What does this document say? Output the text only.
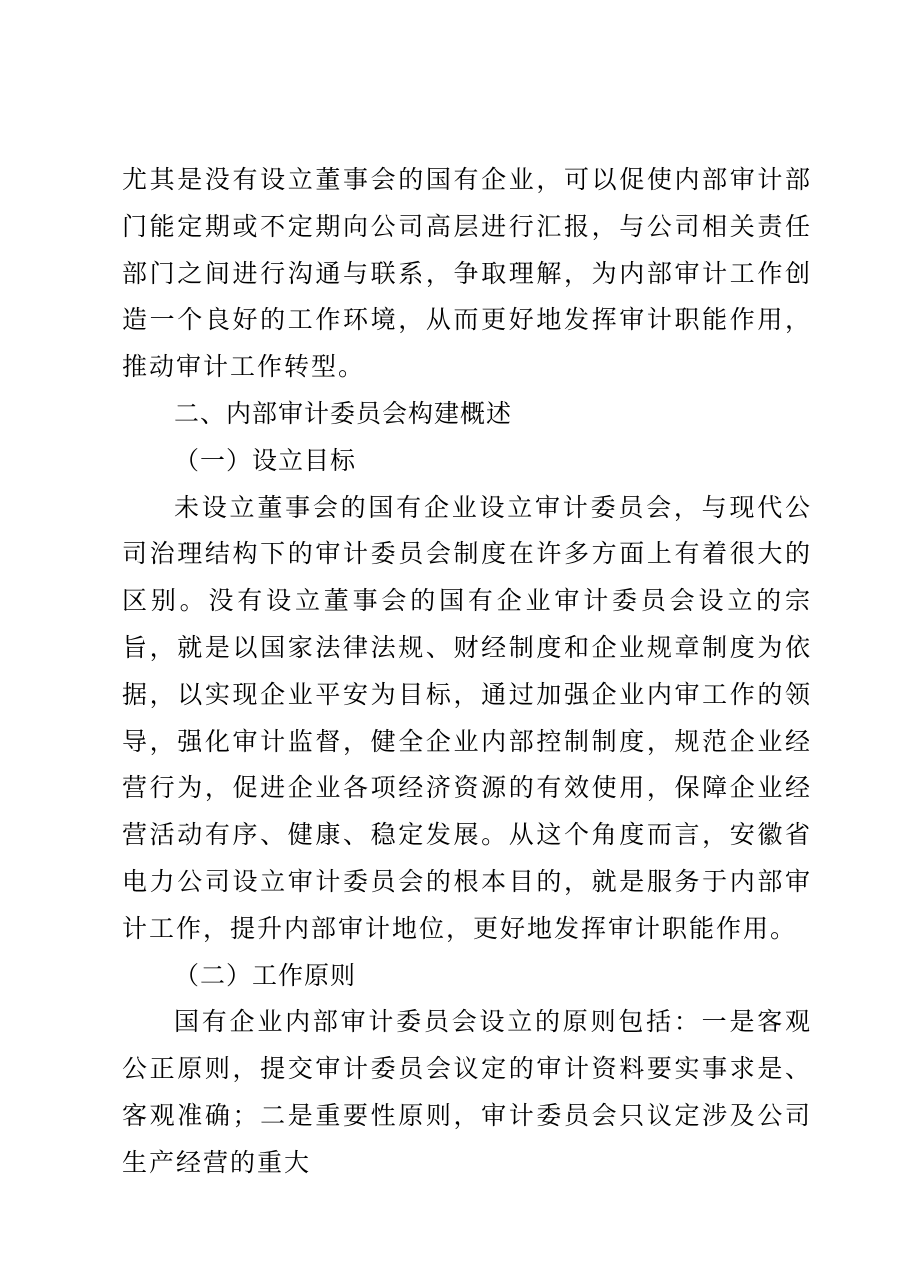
尤其是没有设立董事会的国有企业，可以促使内部审计部门能定期或不定期向公司高层进行汇报，与公司相关责任部门之间进行沟通与联系，争取理解，为内部审计工作创造一个良好的工作环境，从而更好地发挥审计职能作用，推动审计工作转型。

二、内部审计委员会构建概述

（一）设立目标

未设立董事会的国有企业设立审计委员会，与现代公司治理结构下的审计委员会制度在许多方面上有着很大的区别。没有设立董事会的国有企业审计委员会设立的宗旨，就是以国家法律法规、财经制度和企业规章制度为依据，以实现企业平安为目标，通过加强企业内审工作的领导，强化审计监督，健全企业内部控制制度，规范企业经营行为，促进企业各项经济资源的有效使用，保障企业经营活动有序、健康、稳定发展。从这个角度而言，安徽省电力公司设立审计委员会的根本目的，就是服务于内部审计工作，提升内部审计地位，更好地发挥审计职能作用。

（二）工作原则

国有企业内部审计委员会设立的原则包括：一是客观公正原则，提交审计委员会议定的审计资料要实事求是、客观准确；二是重要性原则，审计委员会只议定涉及公司生产经营的重大
